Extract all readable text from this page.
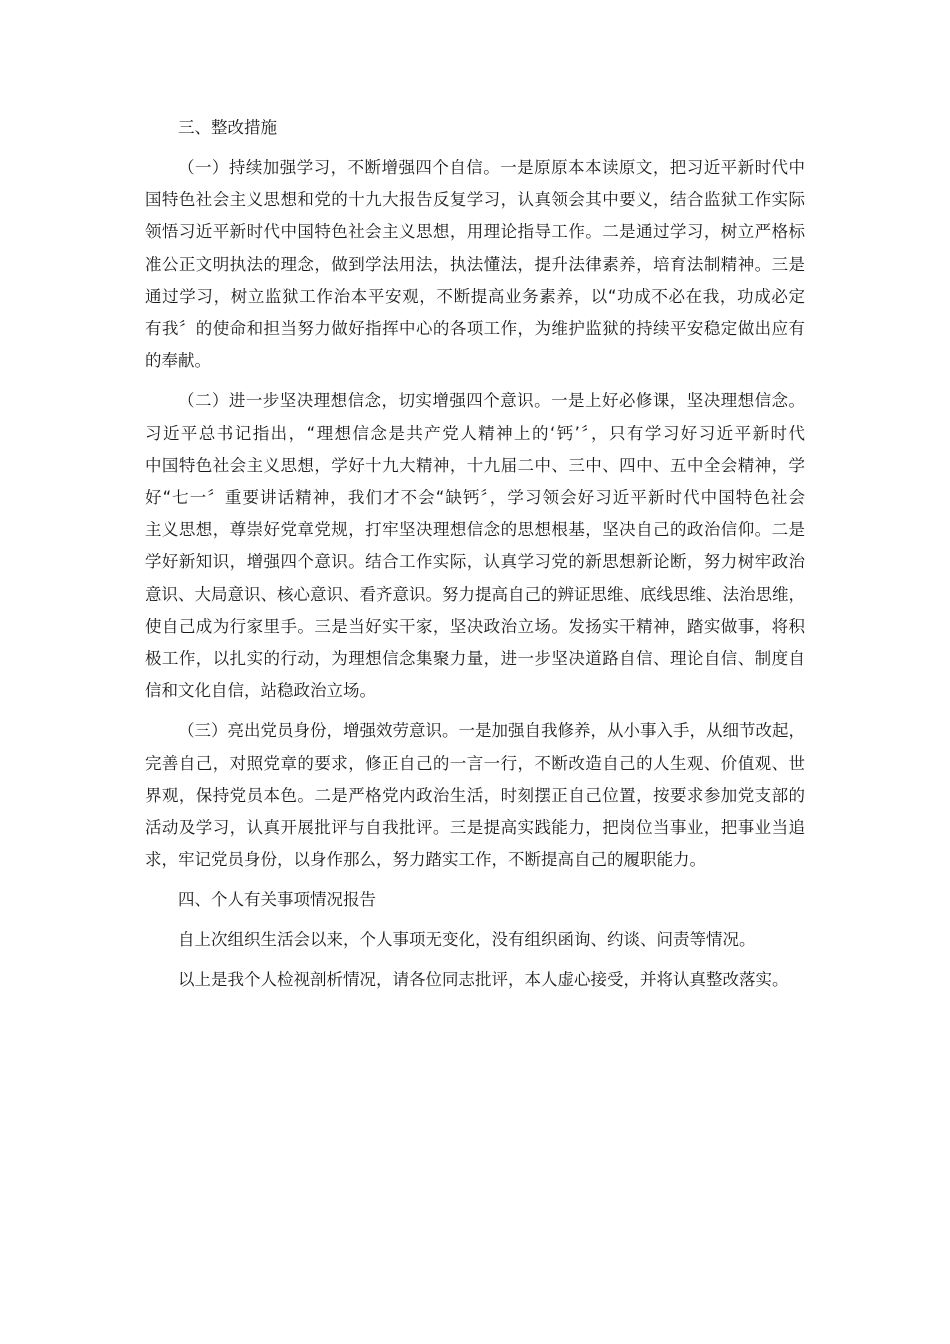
三、整改措施
（一）持续加强学习，不断增强四个自信。一是原原本本读原文，把习近平新时代中
国特色社会主义思想和党的十九大报告反复学习，认真领会其中要义，结合监狱工作实际
领悟习近平新时代中国特色社会主义思想，用理论指导工作。二是通过学习，树立严格标
准公正文明执法的理念，做到学法用法，执法懂法，提升法律素养，培育法制精神。三是
通过学习，树立监狱工作治本平安观，不断提高业务素养，以“功成不必在我，功成必定
有我〞的使命和担当努力做好指挥中心的各项工作，为维护监狱的持续平安稳定做出应有
的奉献。
（二）进一步坚决理想信念，切实增强四个意识。一是上好必修课，坚决理想信念。
习近平总书记指出，“理想信念是共产党人精神上的‘钙’〞，只有学习好习近平新时代
中国特色社会主义思想，学好十九大精神，十九届二中、三中、四中、五中全会精神，学
好“七一〞重要讲话精神，我们才不会“缺钙〞，学习领会好习近平新时代中国特色社会
主义思想，尊崇好党章党规，打牢坚决理想信念的思想根基，坚决自己的政治信仰。二是
学好新知识，增强四个意识。结合工作实际，认真学习党的新思想新论断，努力树牢政治
意识、大局意识、核心意识、看齐意识。努力提高自己的辨证思维、底线思维、法治思维，
使自己成为行家里手。三是当好实干家，坚决政治立场。发扬实干精神，踏实做事，将积
极工作，以扎实的行动，为理想信念集聚力量，进一步坚决道路自信、理论自信、制度自
信和文化自信，站稳政治立场。
（三）亮出党员身份，增强效劳意识。一是加强自我修养，从小事入手，从细节改起，
完善自己，对照党章的要求，修正自己的一言一行，不断改造自己的人生观、价值观、世
界观，保持党员本色。二是严格党内政治生活，时刻摆正自己位置，按要求参加党支部的
活动及学习，认真开展批评与自我批评。三是提高实践能力，把岗位当事业，把事业当追
求，牢记党员身份，以身作那么，努力踏实工作，不断提高自己的履职能力。
四、个人有关事项情况报告
自上次组织生活会以来，个人事项无变化，没有组织函询、约谈、问责等情况。
以上是我个人检视剖析情况，请各位同志批评，本人虚心接受，并将认真整改落实。
